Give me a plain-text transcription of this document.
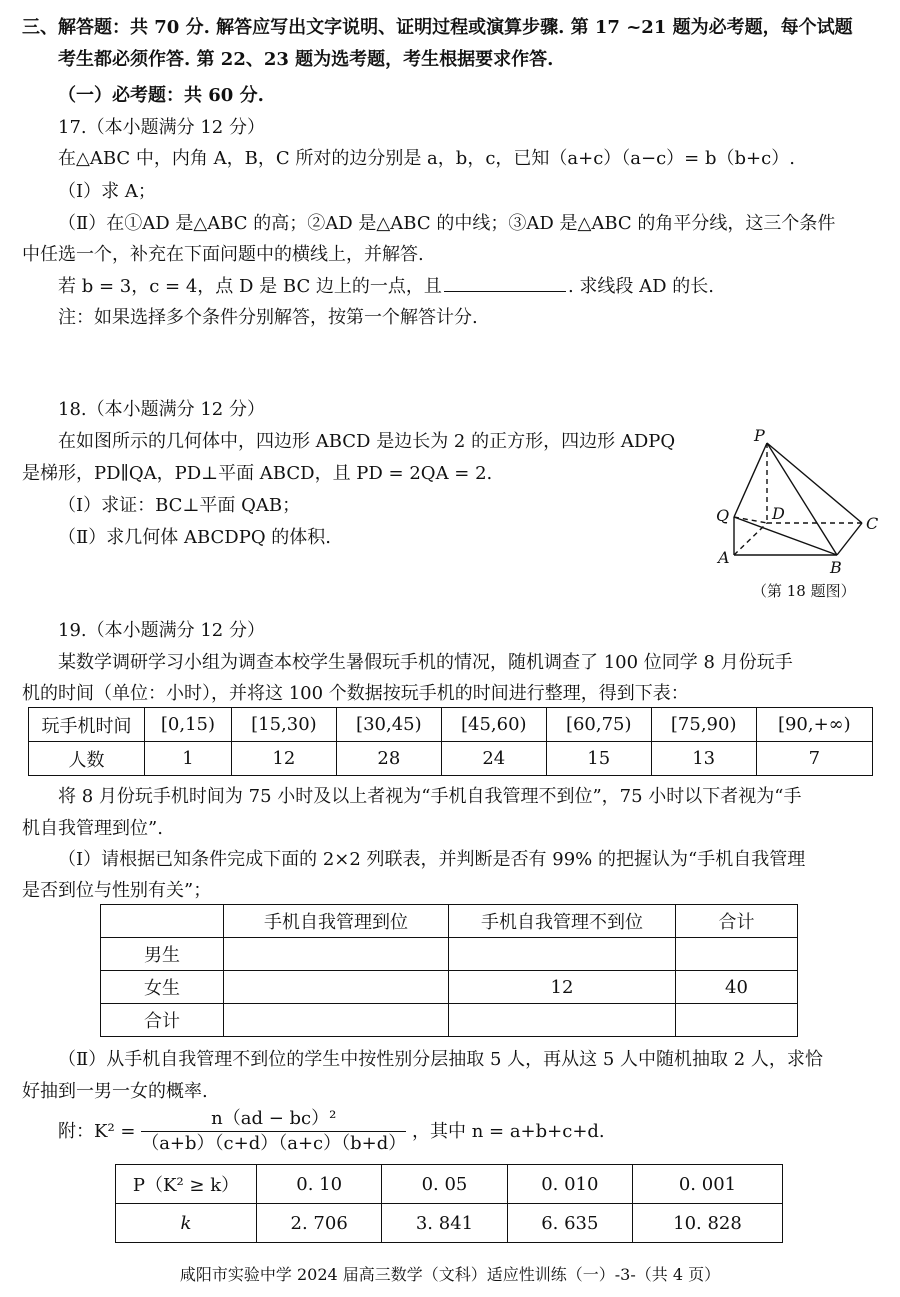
三、解答题：共 70 分. 解答应写出文字说明、证明过程或演算步骤. 第 17 ~21 题为必考题，每个试题
考生都必须作答. 第 22、23 题为选考题，考生根据要求作答.
（一）必考题：共 60 分.
17.（本小题满分 12 分）
在△ABC 中，内角 A，B，C 所对的边分别是 a，b，c，已知（a+c）（a−c）= b（b+c）.
（Ⅰ）求 A；
（Ⅱ）在①AD 是△ABC 的高；②AD 是△ABC 的中线；③AD 是△ABC 的角平分线，这三个条件
中任选一个，补充在下面问题中的横线上，并解答.
若 b = 3，c = 4，点 D 是 BC 边上的一点，且	. 求线段 AD 的长.
注：如果选择多个条件分别解答，按第一个解答计分.
18.（本小题满分 12 分）
在如图所示的几何体中，四边形 ABCD 是边长为 2 的正方形，四边形 ADPQ
是梯形，PD∥QA，PD⊥平面 ABCD，且 PD = 2QA = 2.
（Ⅰ）求证：BC⊥平面 QAB；
（Ⅱ）求几何体 ABCDPQ 的体积.
P
Q	D
C
A
B
（第 18 题图）
19.（本小题满分 12 分）
某数学调研学习小组为调查本校学生暑假玩手机的情况，随机调查了 100 位同学 8 月份玩手
机的时间（单位：小时），并将这 100 个数据按玩手机的时间进行整理，得到下表：
玩手机时间	[0,15)	[15,30)	[30,45)	[45,60)	[60,75)	[75,90)	[90,+∞)
人数	1	12	28	24	15	13	7
将 8 月份玩手机时间为 75 小时及以上者视为“手机自我管理不到位”，75 小时以下者视为“手
机自我管理到位”.
（Ⅰ）请根据已知条件完成下面的 2×2 列联表，并判断是否有 99% 的把握认为“手机自我管理
是否到位与性别有关”；
	手机自我管理到位	手机自我管理不到位	合计
男生			
女生		12	40
合计			
（Ⅱ）从手机自我管理不到位的学生中按性别分层抽取 5 人，再从这 5 人中随机抽取 2 人，求恰
好抽到一男一女的概率.
附：$K^2 = \frac{\text{n（ad − bc）²}}{(a+b)(c+d)(a+c)(b+d)}$ ，其中 n = a+b+c+d.
P（K² ≥ k）	0. 10	0. 05	0. 010	0. 001
k	2. 706	3. 841	6. 635	10. 828
咸阳市实验中学 2024 届高三数学（文科）适应性训练（一）-3-（共 4 页）
